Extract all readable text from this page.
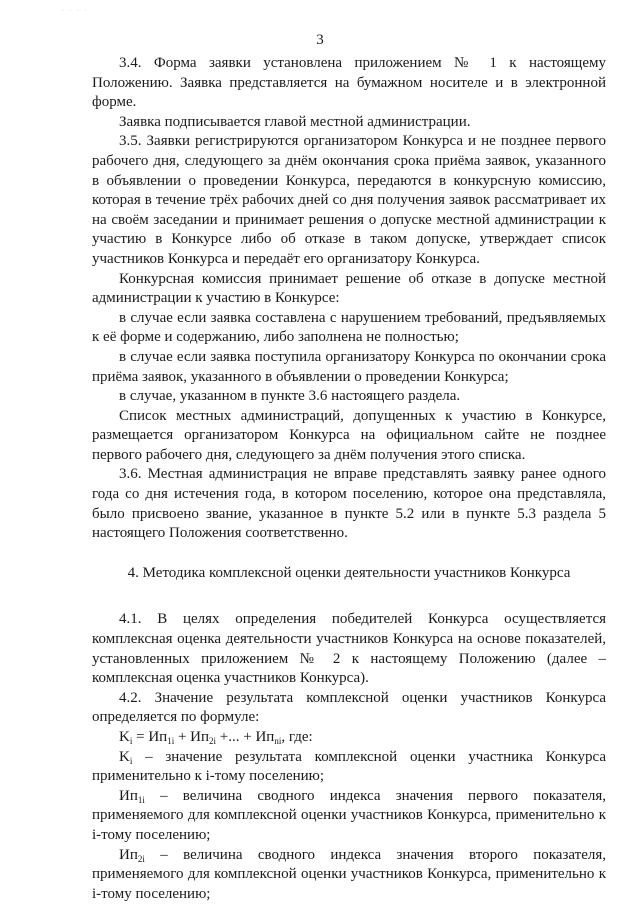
· · · ·
3

3.4. Форма заявки установлена приложением № 1 к настоящему Положению. Заявка представляется на бумажном носителе и в электронной форме.

Заявка подписывается главой местной администрации.

3.5. Заявки регистрируются организатором Конкурса и не позднее первого рабочего дня, следующего за днём окончания срока приёма заявок, указанного в объявлении о проведении Конкурса, передаются в конкурсную комиссию, которая в течение трёх рабочих дней со дня получения заявок рассматривает их на своём заседании и принимает решения о допуске местной администрации к участию в Конкурсе либо об отказе в таком допуске, утверждает список участников Конкурса и передаёт его организатору Конкурса.

Конкурсная комиссия принимает решение об отказе в допуске местной администрации к участию в Конкурсе:

в случае если заявка составлена с нарушением требований, предъявляемых к её форме и содержанию, либо заполнена не полностью;

в случае если заявка поступила организатору Конкурса по окончании срока приёма заявок, указанного в объявлении о проведении Конкурса;

в случае, указанном в пункте 3.6 настоящего раздела.

Список местных администраций, допущенных к участию в Конкурсе, размещается организатором Конкурса на официальном сайте не позднее первого рабочего дня, следующего за днём получения этого списка.

3.6. Местная администрация не вправе представлять заявку ранее одного года со дня истечения года, в котором поселению, которое она представляла, было присвоено звание, указанное в пункте 5.2 или в пункте 5.3 раздела 5 настоящего Положения соответственно.

4. Методика комплексной оценки деятельности участников Конкурса

4.1. В целях определения победителей Конкурса осуществляется комплексная оценка деятельности участников Конкурса на основе показателей, установленных приложением № 2 к настоящему Положению (далее – комплексная оценка участников Конкурса).

4.2. Значение результата комплексной оценки участников Конкурса определяется по формуле:

$K_i = Ип_{1i} + Ип_{2i}$ +... + $Ип_{ni}$, где:

$K_i$ – значение результата комплексной оценки участника Конкурса применительно к i-тому поселению;

$Ип_{1i}$ – величина сводного индекса значения первого показателя, применяемого для комплексной оценки участников Конкурса, применительно к i-тому поселению;

$Ип_{2i}$ – величина сводного индекса значения второго показателя, применяемого для комплексной оценки участников Конкурса, применительно к i-тому поселению;
